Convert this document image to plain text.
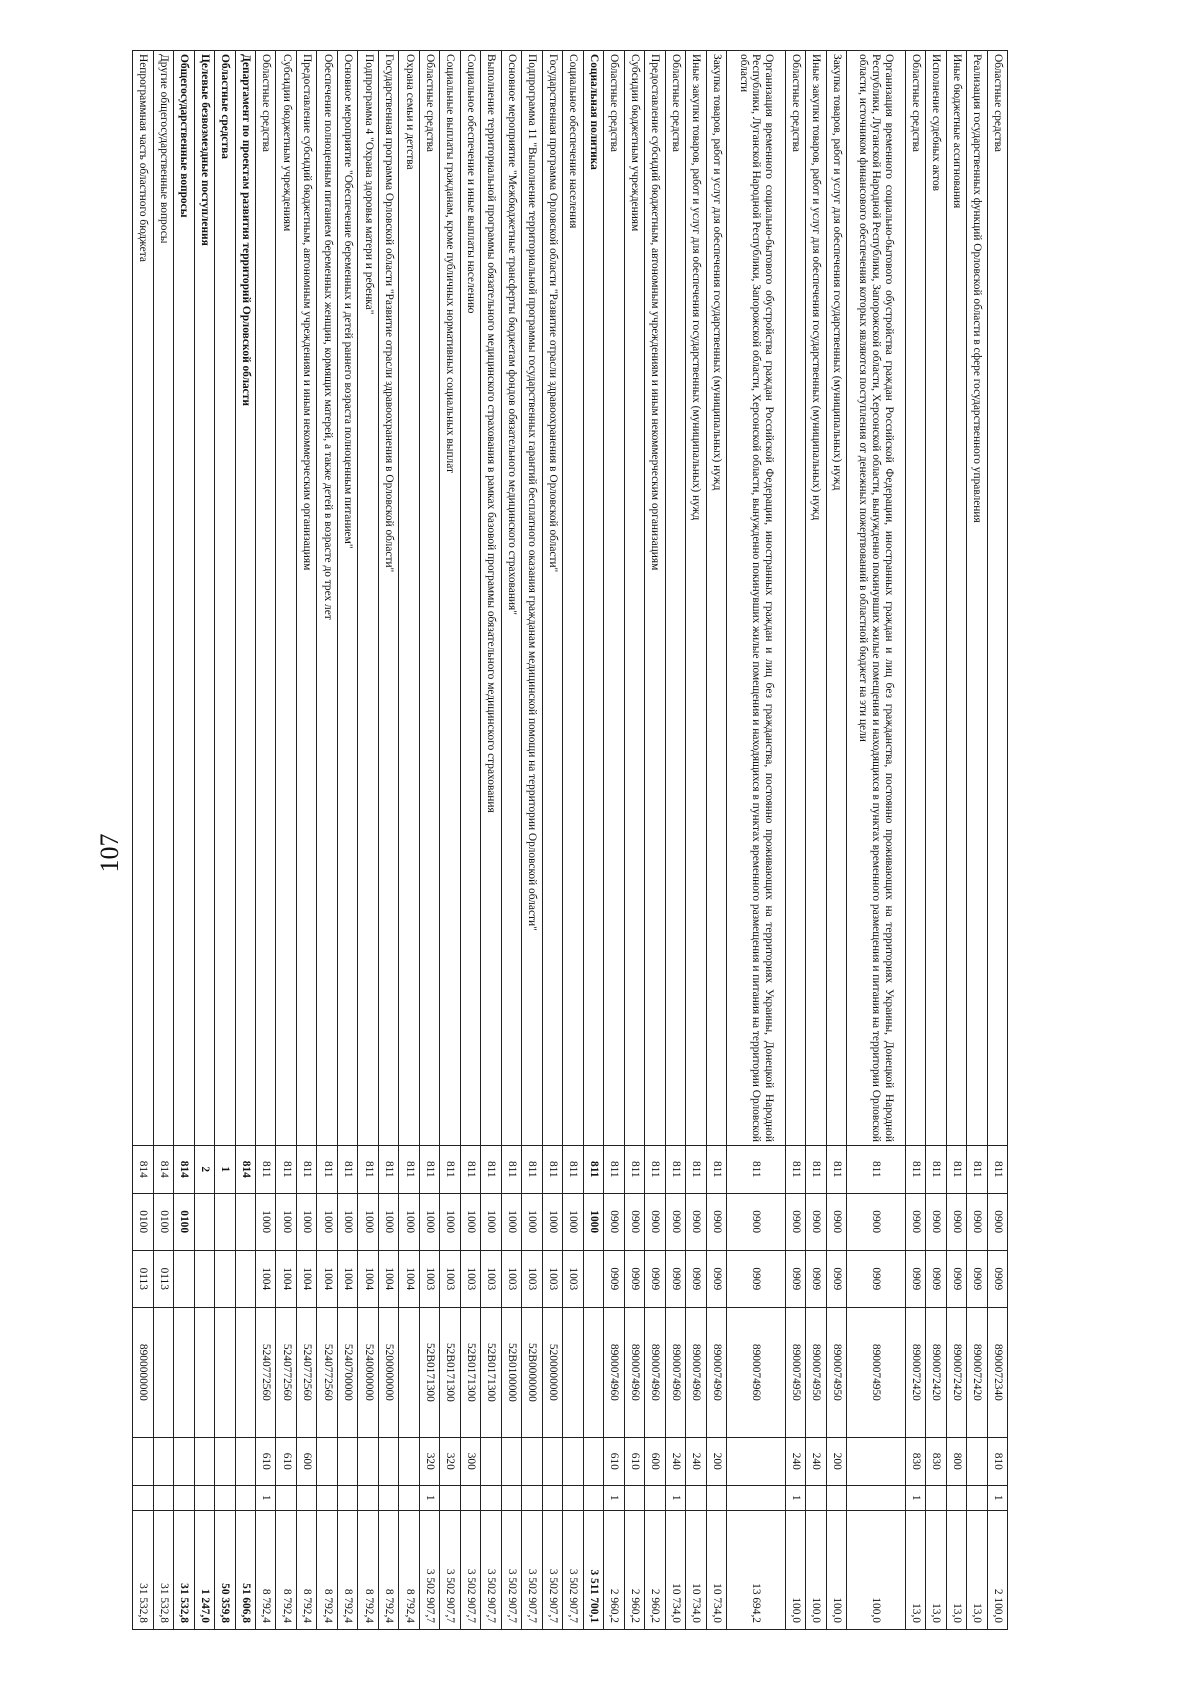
107
Областные средства	811	0900	0909	8900072340	810	1	2 100,0
Реализация государственных функций Орловской области в сфере государственного управления	811	0900	0909	8900072420			13,0
Иные бюджетные ассигнования	811	0900	0909	8900072420	800		13,0
Исполнение судебных актов	811	0900	0909	8900072420	830		13,0
Областные средства	811	0900	0909	8900072420	830	1	13,0
Организация временного социально-бытового обустройства граждан Российской Федерации, иностранных граждан и лиц без гражданства, постоянно проживающих на территориях Украины, Донецкой Народной Республики, Луганской Народной Республики, Запорожской области, Херсонской области, вынужденно покинувших жилые помещения и находящихся в пунктах временного размещения и питания на территории Орловской области, источником финансового обеспечения которых являются поступления от денежных пожертвований в областной бюджет на эти цели	811	0900	0909	8900074950			100,0
Закупка товаров, работ и услуг для обеспечения государственных (муниципальных) нужд	811	0900	0909	8900074950	200		100,0
Иные закупки товаров, работ и услуг для обеспечения государственных (муниципальных) нужд	811	0900	0909	8900074950	240		100,0
Областные средства	811	0900	0909	8900074950	240	1	100,0
Организация временного социально-бытового обустройства граждан Российской Федерации, иностранных граждан и лиц без гражданства, постоянно проживающих на территориях Украины, Донецкой Народной Республики, Луганской Народной Республики, Запорожской области, Херсонской области, вынужденно покинувших жилые помещения и находящихся в пунктах временного размещения и питания на территории Орловской области	811	0900	0909	8900074960			13 694,2
Закупка товаров, работ и услуг для обеспечения государственных (муниципальных) нужд	811	0900	0909	8900074960	200		10 734,0
Иные закупки товаров, работ и услуг для обеспечения государственных (муниципальных) нужд	811	0900	0909	8900074960	240		10 734,0
Областные средства	811	0900	0909	8900074960	240	1	10 734,0
Предоставление субсидий бюджетным, автономным учреждениям и иным некоммерческим организациям	811	0900	0909	8900074960	600		2 960,2
Субсидии бюджетным учреждениям	811	0900	0909	8900074960	610		2 960,2
Областные средства	811	0900	0909	8900074960	610	1	2 960,2
Социальная политика	811	1000					3 511 700,1
Социальное обеспечение населения	811	1000	1003				3 502 907,7
Государственная программа Орловской области "Развитие отрасли здравоохранения в Орловской области"	811	1000	1003	5200000000			3 502 907,7
Подпрограмма 11 "Выполнение территориальной программы государственных гарантий бесплатного оказания гражданам медицинской помощи на территории Орловской области"	811	1000	1003	52В0000000			3 502 907,7
Основное мероприятие "Межбюджетные трансферты бюджетам фондов обязательного медицинского страхования"	811	1000	1003	52В0100000			3 502 907,7
Выполнение территориальной программы обязательного медицинского страхования в рамках базовой программы обязательного медицинского страхования	811	1000	1003	52В0171300			3 502 907,7
Социальное обеспечение и иные выплаты населению	811	1000	1003	52В0171300	300		3 502 907,7
Социальные выплаты гражданам, кроме публичных нормативных социальных выплат	811	1000	1003	52В0171300	320		3 502 907,7
Областные средства	811	1000	1003	52В0171300	320	1	3 502 907,7
Охрана семьи и детства	811	1000	1004				8 792,4
Государственная программа Орловской области "Развитие отрасли здравоохранения в Орловской области"	811	1000	1004	5200000000			8 792,4
Подпрограмма 4 "Охрана здоровья матери и ребенка"	811	1000	1004	5240000000			8 792,4
Основное мероприятие "Обеспечение беременных и детей раннего возраста полноценным питанием"	811	1000	1004	5240700000			8 792,4
Обеспечение полноценным питанием беременных женщин, кормящих матерей, а также детей в возрасте до трех лет	811	1000	1004	5240772560			8 792,4
Предоставление субсидий бюджетным, автономным учреждениям и иным некоммерческим организациям	811	1000	1004	5240772560	600		8 792,4
Субсидии бюджетным учреждениям	811	1000	1004	5240772560	610		8 792,4
Областные средства	811	1000	1004	5240772560	610	1	8 792,4
Департамент по проектам развития территорий Орловской области	814						51 606,8
Областные средства	1						50 359,8
Целевые безвозмездные поступления	2						1 247,0
Общегосударственные вопросы	814	0100					31 532,8
Другие общегосударственные вопросы	814	0100	0113				31 532,8
Непрограммная часть областного бюджета	814	0100	0113	8900000000			31 532,8
